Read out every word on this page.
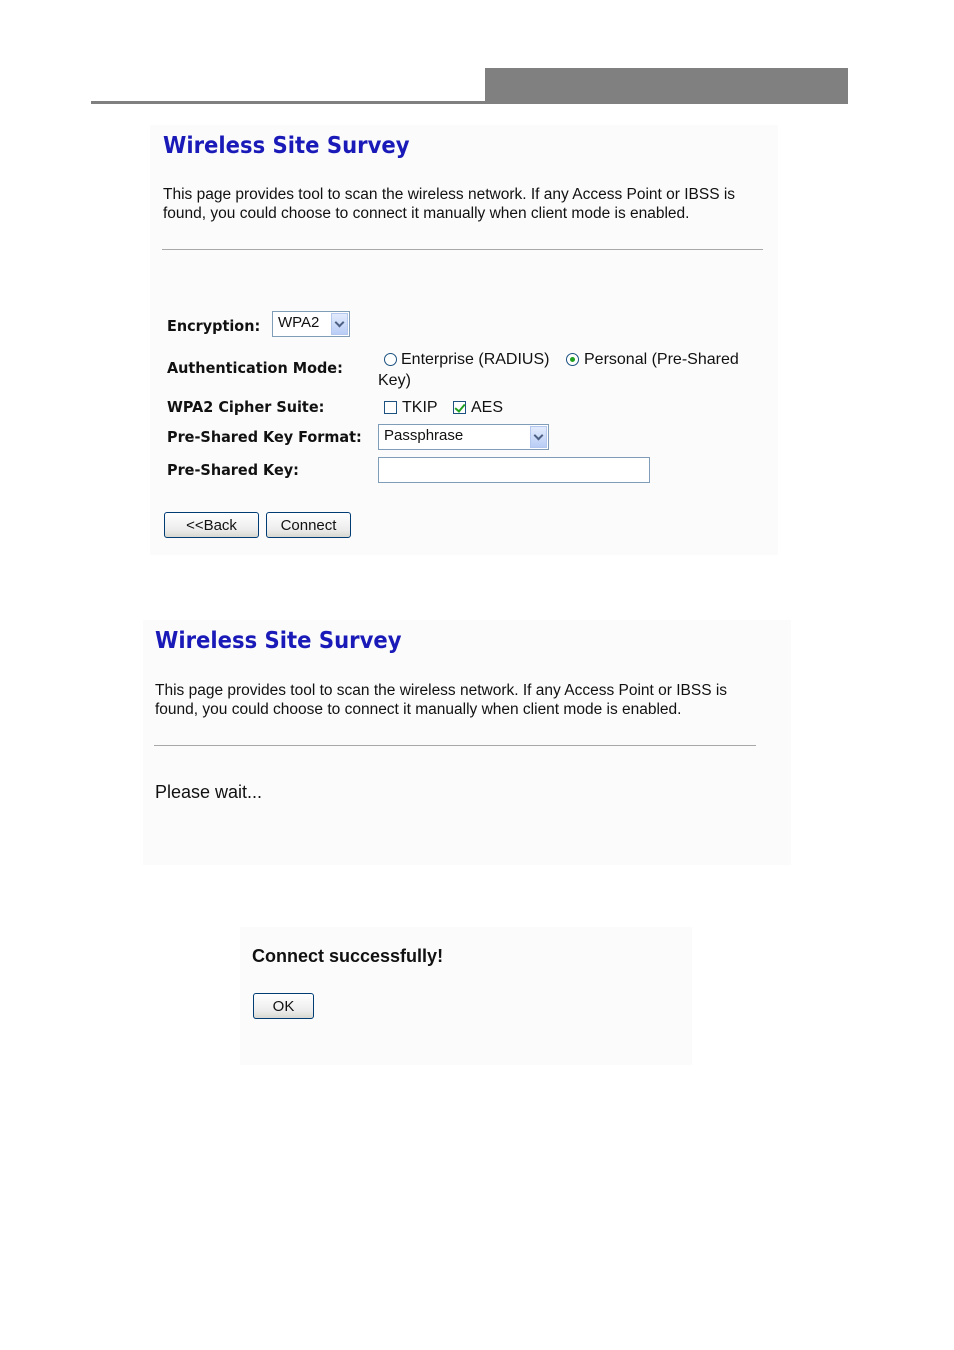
Wireless Site Survey

This page provides tool to scan the wireless network. If any Access Point or IBSS is found, you could choose to connect it manually when client mode is enabled.

Encryption:	WPA2
Authentication Mode:	Enterprise (RADIUS) Personal (Pre-Shared
Key)
WPA2 Cipher Suite:	TKIP AES
Pre-Shared Key Format:	Passphrase
Pre-Shared Key:
<<Back	Connect
Wireless Site Survey

This page provides tool to scan the wireless network. If any Access Point or IBSS is found, you could choose to connect it manually when client mode is enabled.

Please wait...
Connect successfully!
OK
